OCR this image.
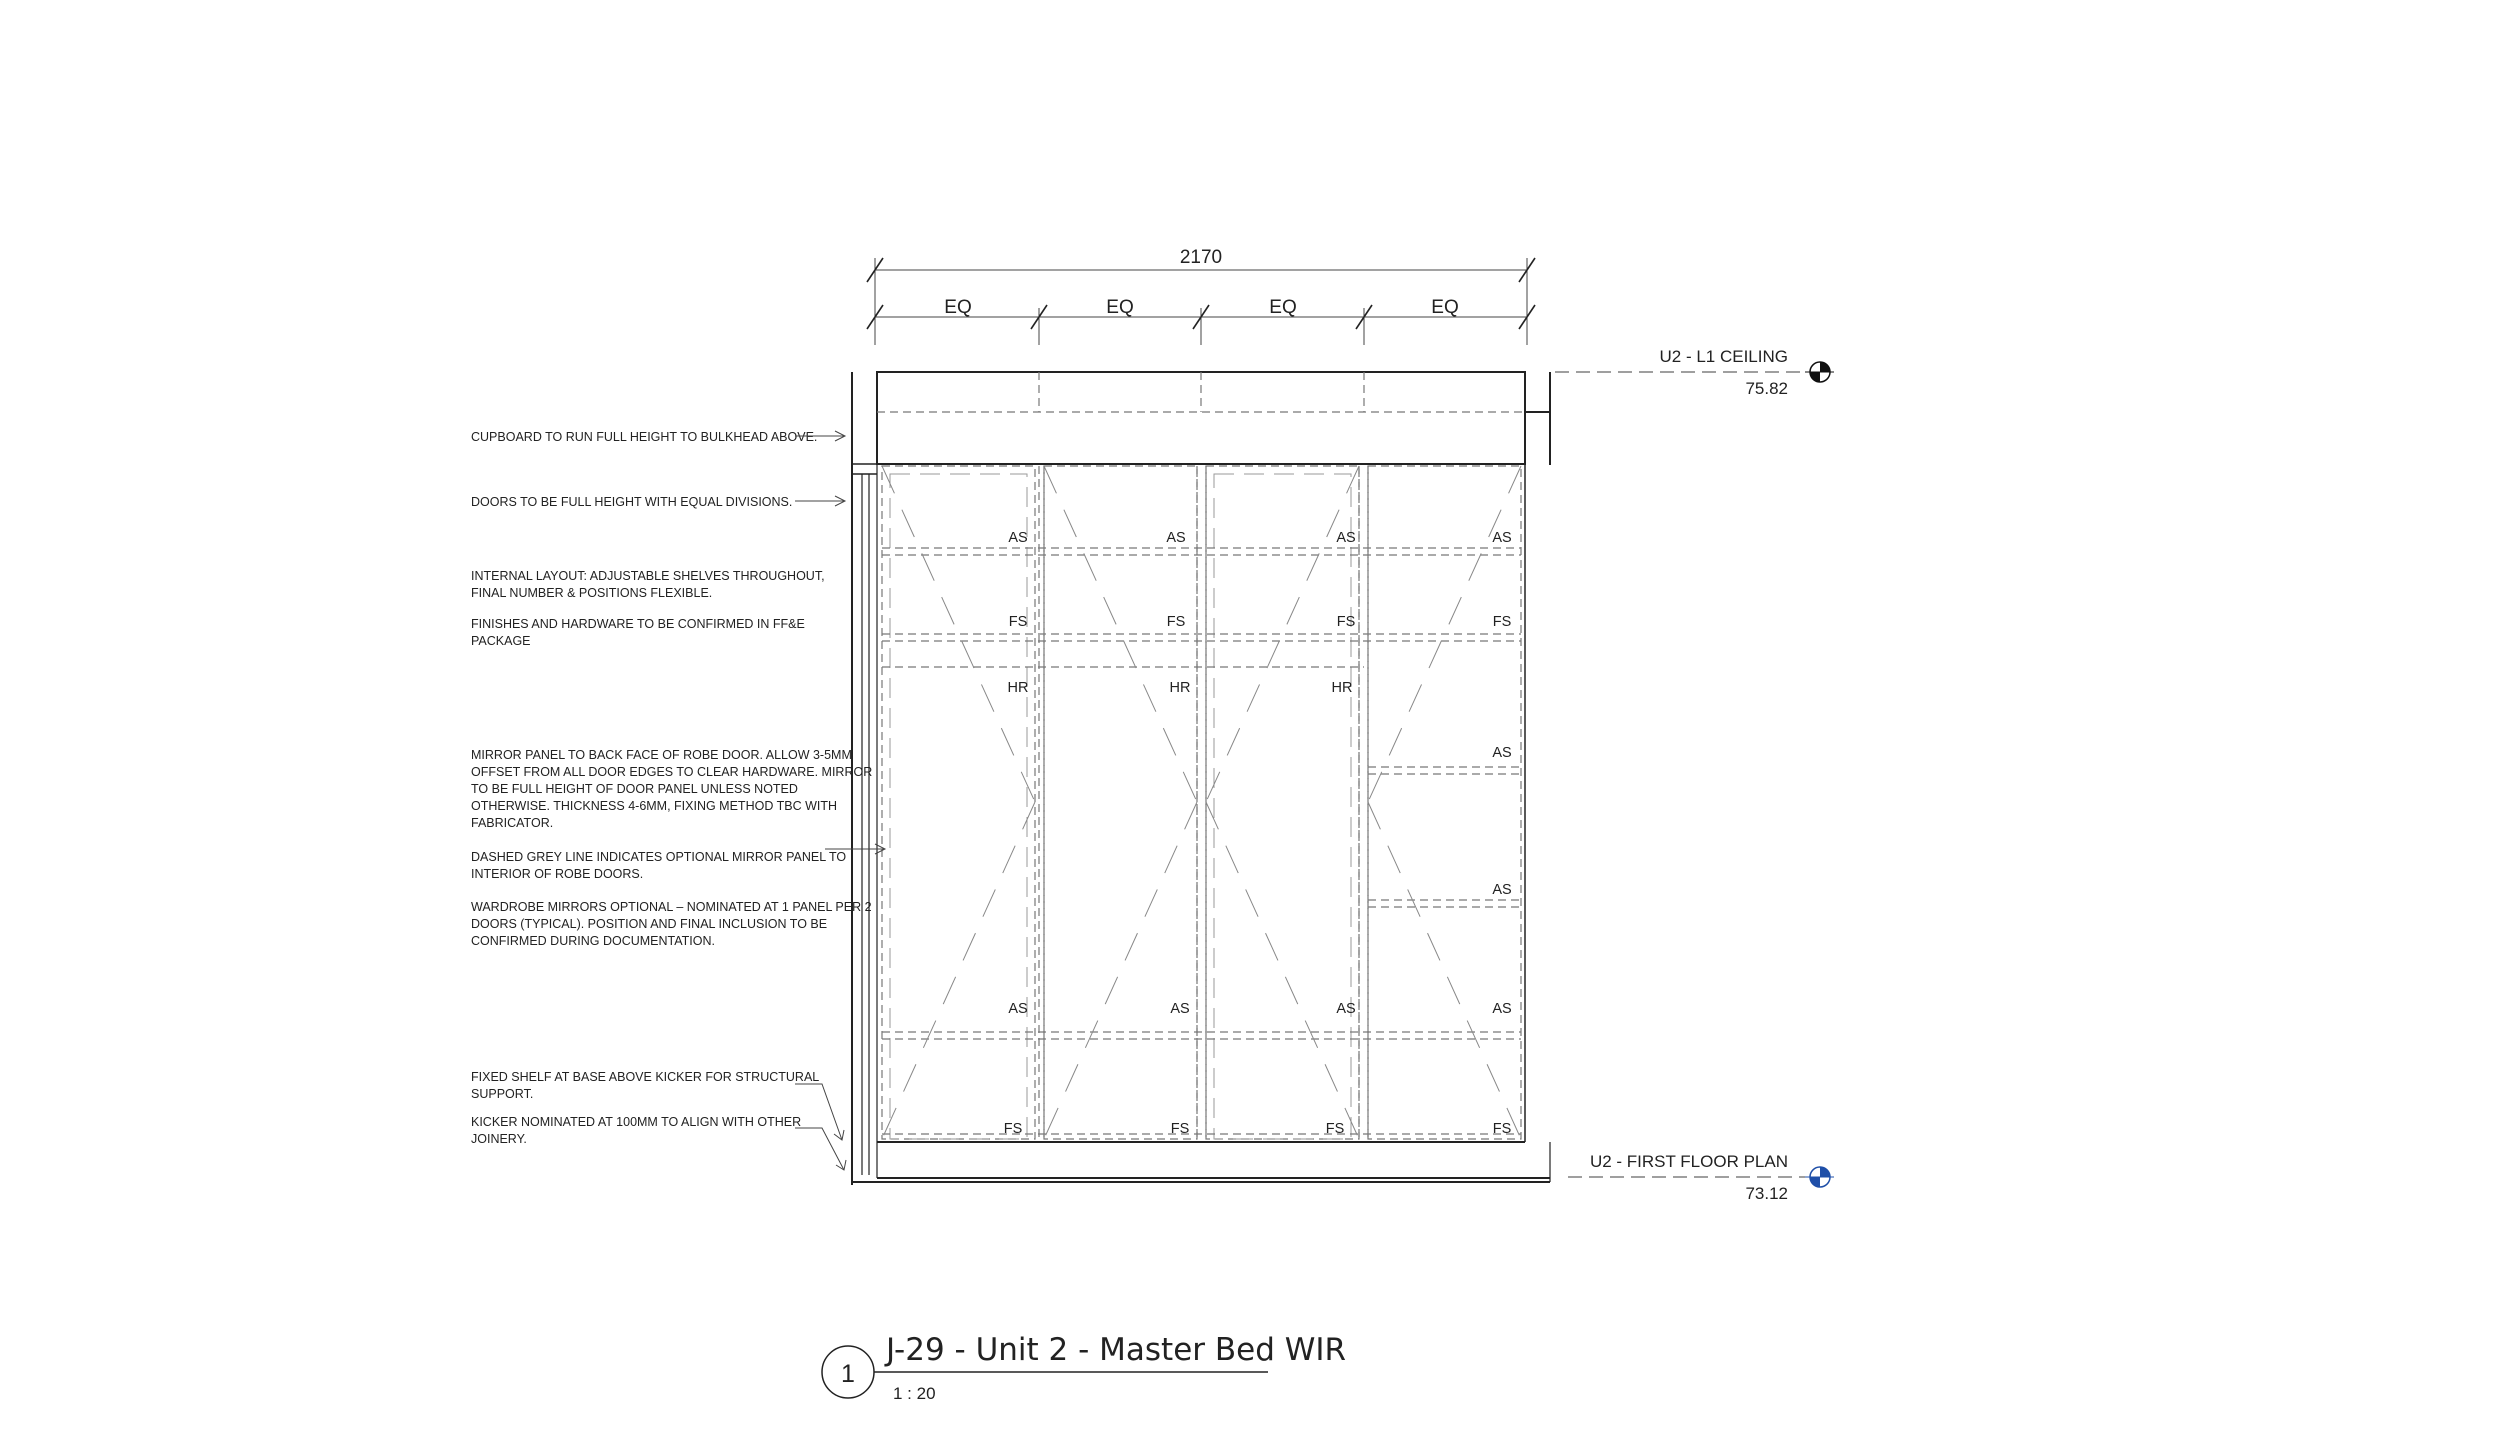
2170
EQ	EQ	EQ	EQ
AS	AS	AS	AS
FS	FS	FS	FS
HR	HR	HR
AS
AS
AS	AS	AS	AS
FS	FS	FS	FS
U2 - L1 CEILING
75.82
U2 - FIRST FLOOR PLAN
73.12
CUPBOARD TO RUN FULL HEIGHT TO BULKHEAD ABOVE.
DOORS TO BE FULL HEIGHT WITH EQUAL DIVISIONS.
INTERNAL LAYOUT: ADJUSTABLE SHELVES THROUGHOUT, FINAL NUMBER & POSITIONS FLEXIBLE.
FINISHES AND HARDWARE TO BE CONFIRMED IN FF&E PACKAGE
MIRROR PANEL TO BACK FACE OF ROBE DOOR. ALLOW 3-5MM OFFSET FROM ALL DOOR EDGES TO CLEAR HARDWARE. MIRROR TO BE FULL HEIGHT OF DOOR PANEL UNLESS NOTED OTHERWISE. THICKNESS 4-6MM, FIXING METHOD TBC WITH FABRICATOR.
DASHED GREY LINE INDICATES OPTIONAL MIRROR PANEL TO INTERIOR OF ROBE DOORS.
WARDROBE MIRRORS OPTIONAL – NOMINATED AT 1 PANEL PER 2 DOORS (TYPICAL). POSITION AND FINAL INCLUSION TO BE CONFIRMED DURING DOCUMENTATION.
FIXED SHELF AT BASE ABOVE KICKER FOR STRUCTURAL SUPPORT.
KICKER NOMINATED AT 100MM TO ALIGN WITH OTHER JOINERY.
1
J-29 - Unit 2 - Master Bed WIR
1 : 20
